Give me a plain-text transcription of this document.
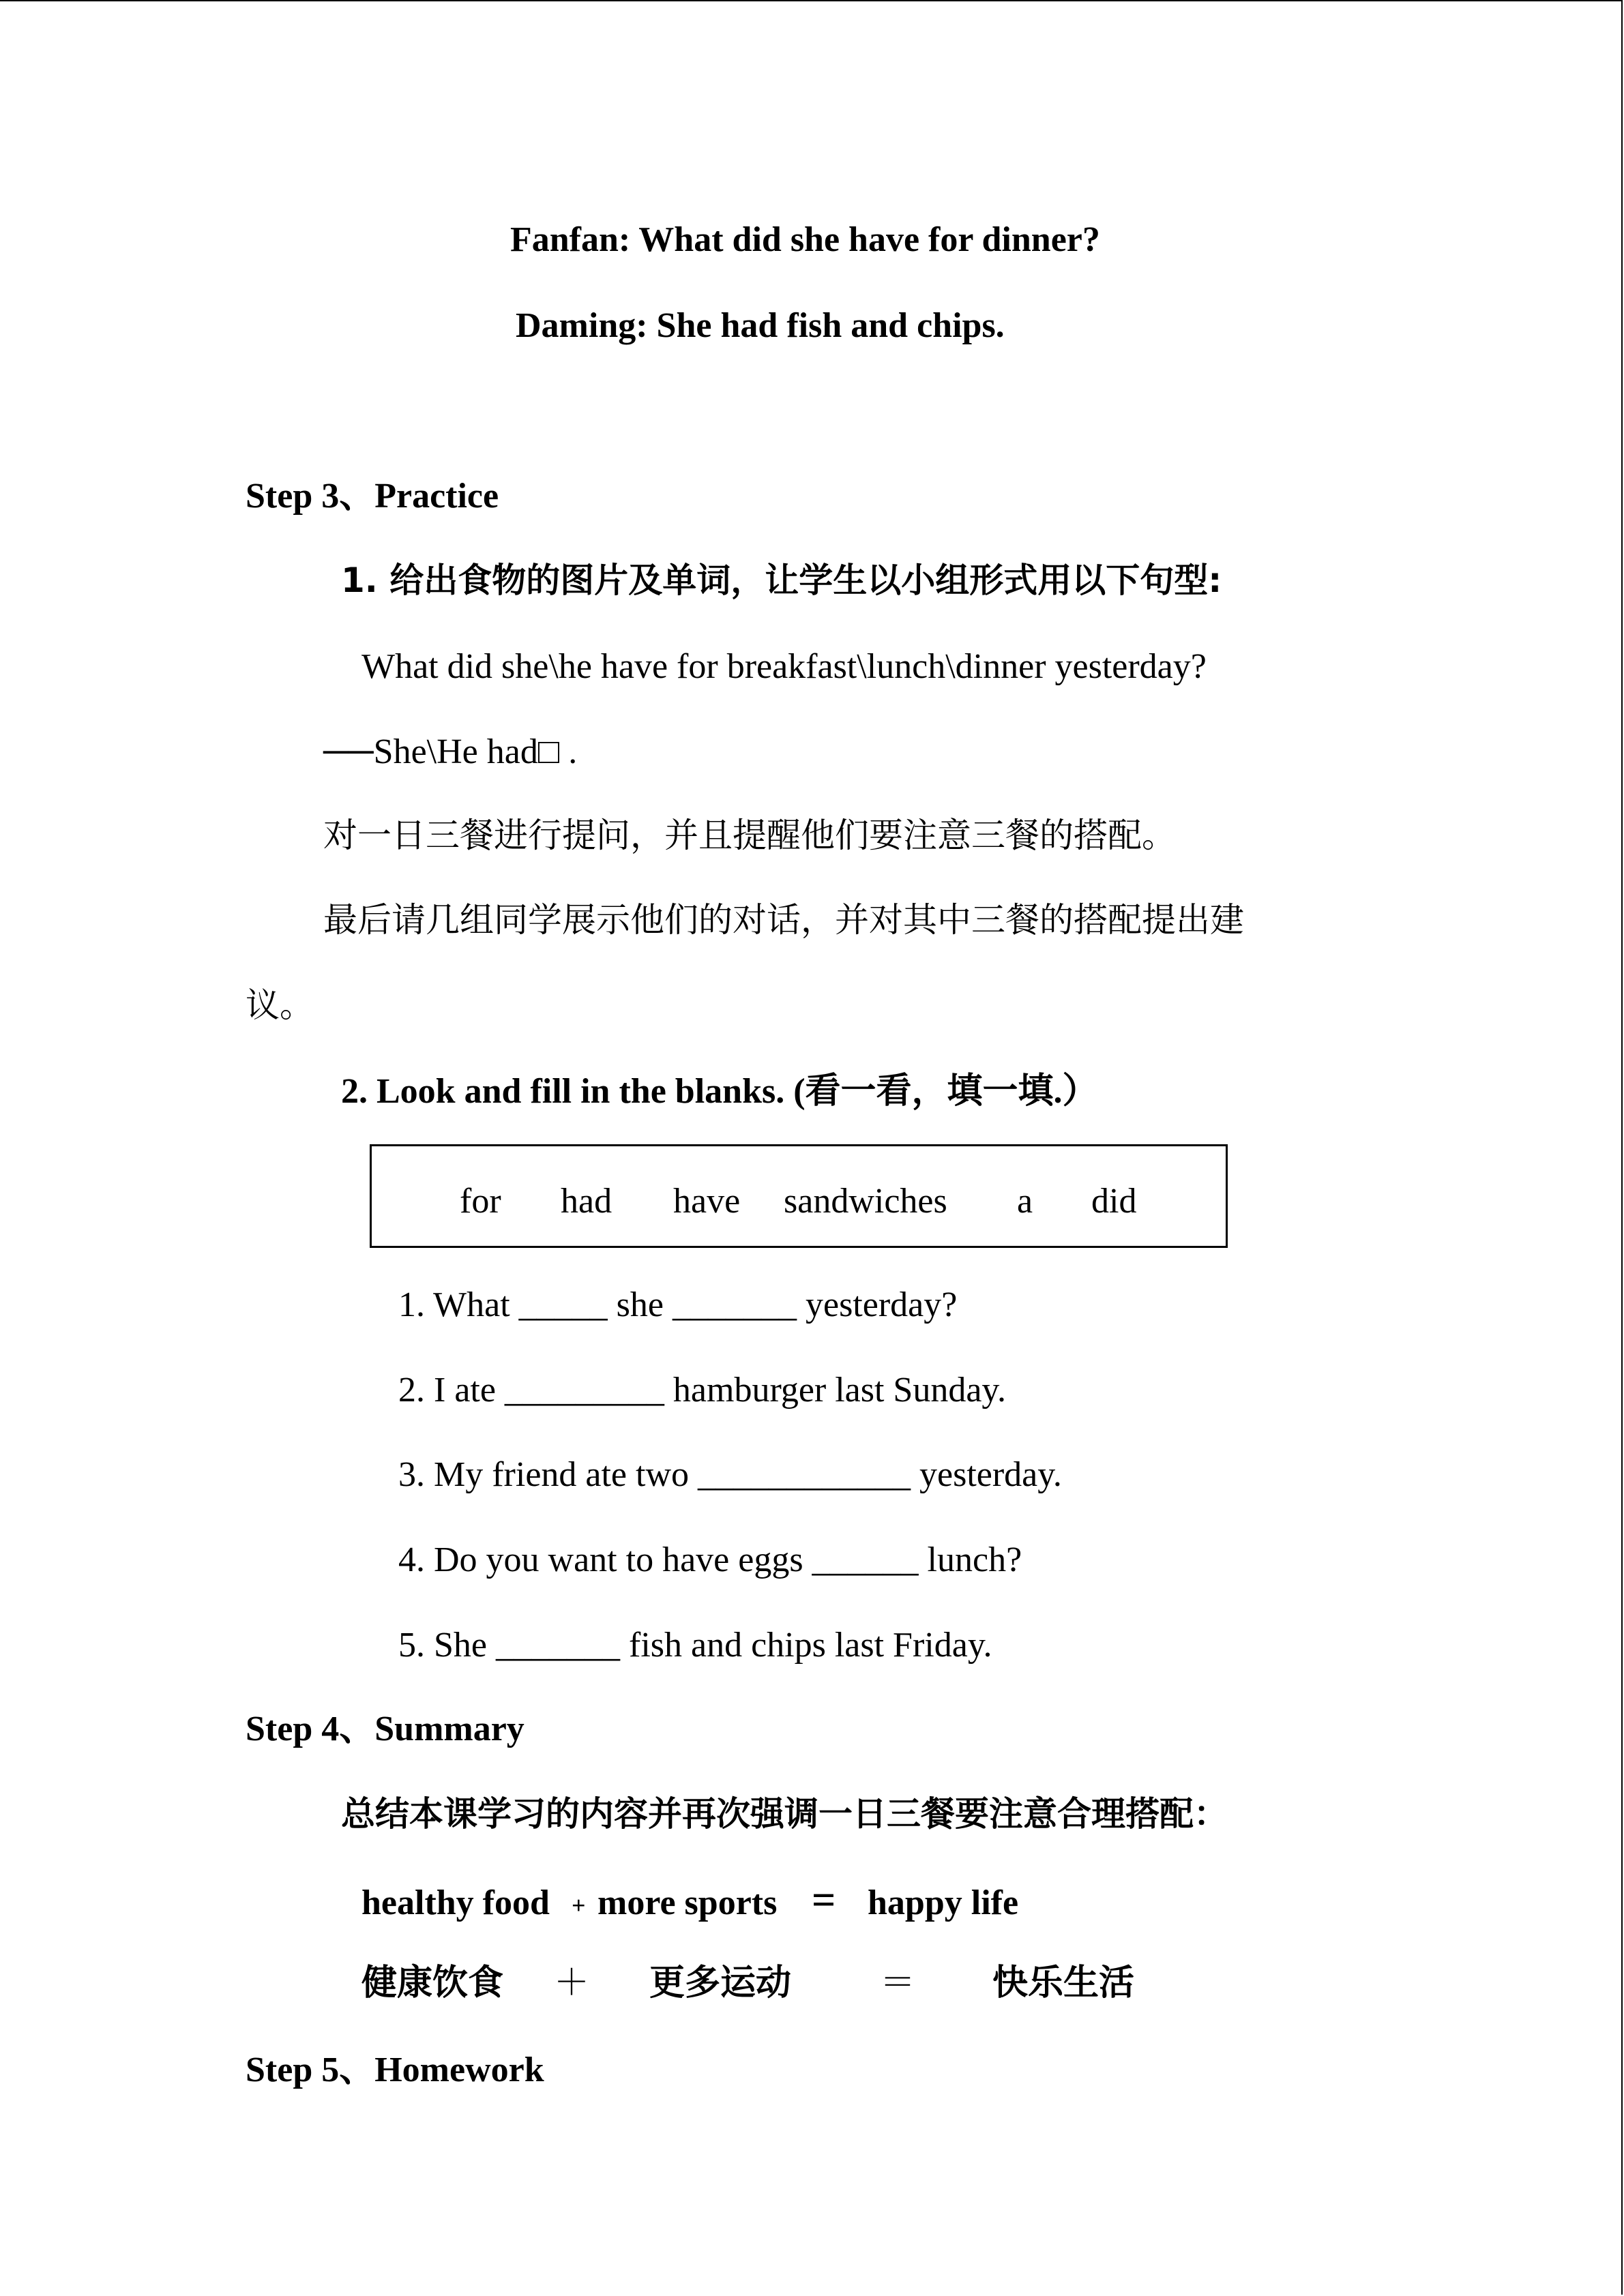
Fanfan: What did she have for dinner?
Daming: She had fish and chips.
Step 3、Practice
1. 给出食物的图片及单词，让学生以小组形式用以下句型:
What did she\he have for breakfast\lunch\dinner yesterday?
──She\He had□ .
对一日三餐进行提问，并且提醒他们要注意三餐的搭配。
最后请几组同学展示他们的对话，并对其中三餐的搭配提出建
议。
2. Look and fill in the blanks. (看一看，填一填.）
for had have sandwiches a did
1. What _____ she _______ yesterday?
2. I ate _________ hamburger last Sunday.
3. My friend ate two ____________ yesterday.
4. Do you want to have eggs ______ lunch?
5. She _______ fish and chips last Friday.
Step 4、Summary
总结本课学习的内容并再次强调一日三餐要注意合理搭配：
healthy food + more sports = happy life
健康饮食 ＋ 更多运动 ＝ 快乐生活
Step 5、Homework
